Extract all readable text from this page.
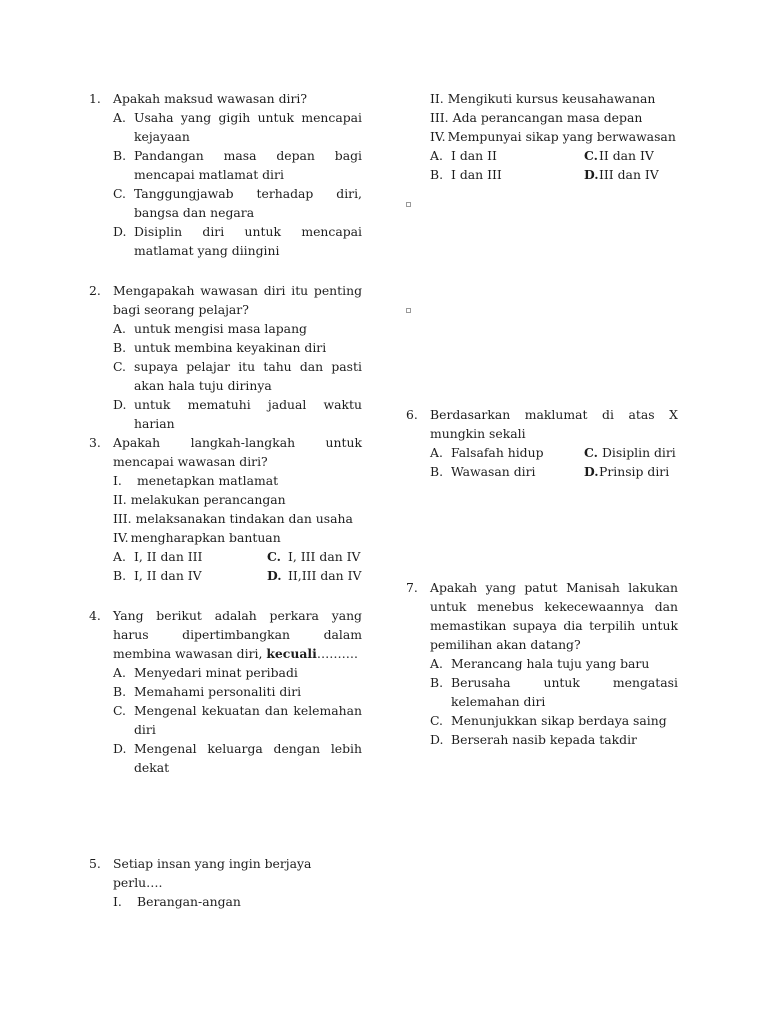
1. Apakah maksud wawasan diri?
A. Usaha yang gigih untuk mencapai kejayaan
B. Pandangan masa depan bagi mencapai matlamat diri
C. Tanggungjawab terhadap diri, bangsa dan negara
D. Disiplin diri untuk mencapai matlamat yang diingini
2. Mengapakah wawasan diri itu penting bagi seorang pelajar?
A. untuk mengisi masa lapang
B. untuk membina keyakinan diri
C. supaya pelajar itu tahu dan pasti akan hala tuju dirinya
D. untuk mematuhi jadual waktu harian
3. Apakah langkah-langkah untuk mencapai wawasan diri?
I.	menetapkan matlamat
II. melakukan perancangan
III. melaksanakan tindakan dan usaha
IV. mengharapkan bantuan
A. I, II dan III	C. I, III dan IV
B. I, II dan IV	D. II,III dan IV
4. Yang berikut adalah perkara yang harus dipertimbangkan dalam membina wawasan diri, kecuali……….
A. Menyedari minat peribadi
B. Memahami personaliti diri
C. Mengenal kekuatan dan kelemahan diri
D. Mengenal keluarga dengan lebih dekat
5. Setiap insan yang ingin berjaya perlu….
I.	Berangan-angan
II. Mengikuti kursus keusahawanan
III. Ada perancangan masa depan
IV. Mempunyai sikap yang berwawasan
A. I dan II	C. II dan IV
B. I dan III	D. III dan IV
6. Berdasarkan maklumat di atas X mungkin sekali
A. Falsafah hidup	C. Disiplin diri
B. Wawasan diri	D. Prinsip diri
7. Apakah yang patut Manisah lakukan untuk menebus kekecewaannya dan memastikan supaya dia terpilih untuk pemilihan akan datang?
A. Merancang hala tuju yang baru
B. Berusaha untuk mengatasi kelemahan diri
C. Menunjukkan sikap berdaya saing
D. Berserah nasib kepada takdir
